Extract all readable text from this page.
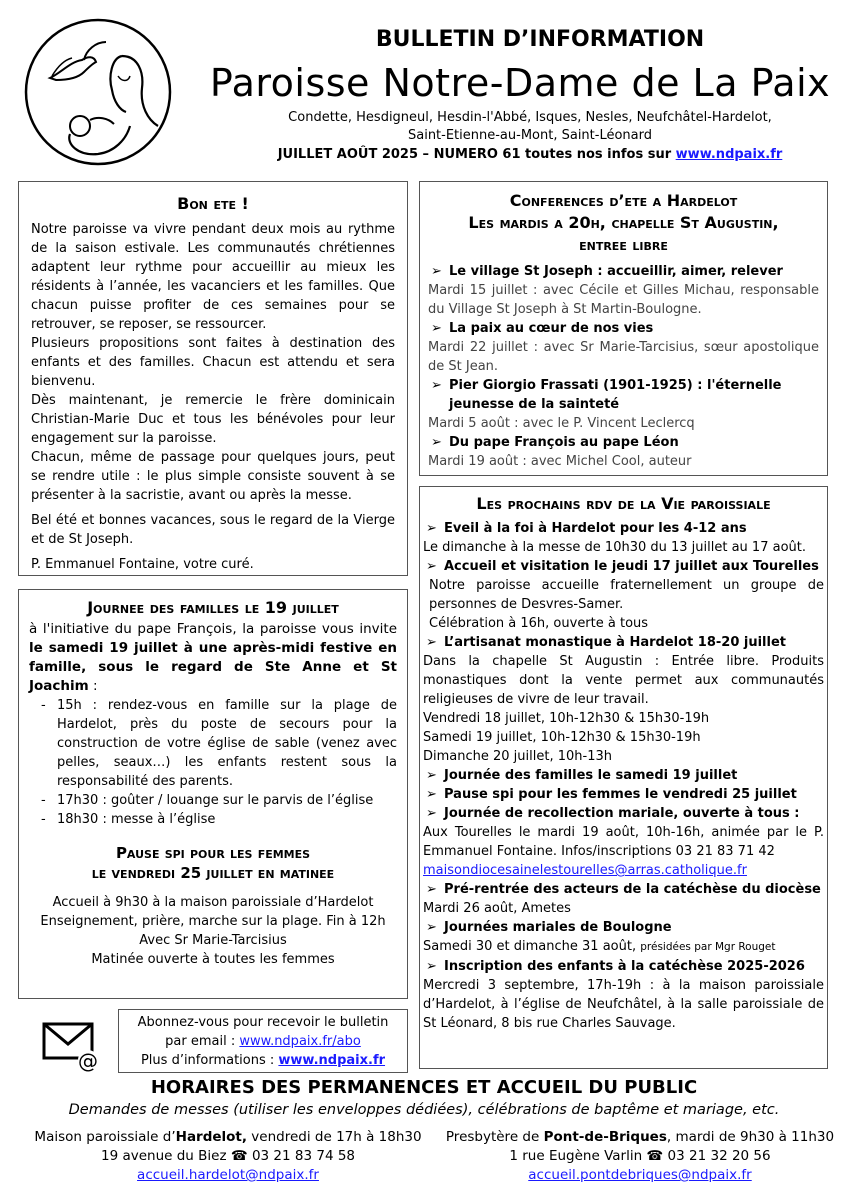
BULLETIN D’INFORMATION
Paroisse Notre-Dame de La Paix
Condette, Hesdigneul, Hesdin-l'Abbé, Isques, Nesles, Neufchâtel-Hardelot,
Saint-Etienne-au-Mont, Saint-Léonard
JUILLET AOÛT 2025 – NUMERO 61 toutes nos infos sur www.ndpaix.fr
Bon ete !

Notre paroisse va vivre pendant deux mois au rythme de la saison estivale. Les communautés chrétiennes adaptent leur rythme pour accueillir au mieux les résidents à l’année, les vacanciers et les familles. Que chacun puisse profiter de ces semaines pour se retrouver, se reposer, se ressourcer.

Plusieurs propositions sont faites à destination des enfants et des familles. Chacun est attendu et sera bienvenu.

Dès maintenant, je remercie le frère dominicain Christian-Marie Duc et tous les bénévoles pour leur engagement sur la paroisse.

Chacun, même de passage pour quelques jours, peut se rendre utile : le plus simple consiste souvent à se présenter à la sacristie, avant ou après la messe.

Bel été et bonnes vacances, sous le regard de la Vierge et de St Joseph.

P. Emmanuel Fontaine, votre curé.

Journee des familles le 19 juillet

à l'initiative du pape François, la paroisse vous invite le samedi 19 juillet à une après-midi festive en famille, sous le regard de Ste Anne et St Joachim :

- 15h : rendez-vous en famille sur la plage de Hardelot, près du poste de secours pour la construction de votre église de sable (venez avec pelles, seaux…) les enfants restent sous la responsabilité des parents.
- 17h30 : goûter / louange sur le parvis de l’église
- 18h30 : messe à l’église
Pause spi pour les femmes
le vendredi 25 juillet en matinee
Accueil à 9h30 à la maison paroissiale d’Hardelot
Enseignement, prière, marche sur la plage. Fin à 12h
Avec Sr Marie-Tarcisius
Matinée ouverte à toutes les femmes
@
Abonnez-vous pour recevoir le bulletin
par email : www.ndpaix.fr/abo
Plus d’informations : www.ndpaix.fr
Conferences d’ete a Hardelot
Les mardis a 20h, chapelle St Augustin,
entree libre
➢ Le village St Joseph : accueillir, aimer, relever

Mardi 15 juillet : avec Cécile et Gilles Michau, responsable du Village St Joseph à St Martin-Boulogne.

➢ La paix au cœur de nos vies

Mardi 22 juillet : avec Sr Marie-Tarcisius, sœur apostolique de St Jean.

➢ Pier Giorgio Frassati (1901-1925) : l'éternelle jeunesse de la sainteté

Mardi 5 août : avec le P. Vincent Leclercq

➢ Du pape François au pape Léon

Mardi 19 août : avec Michel Cool, auteur

Les prochains rdv de la Vie paroissiale
➢ Eveil à la foi à Hardelot pour les 4-12 ans

Le dimanche à la messe de 10h30 du 13 juillet au 17 août.

➢ Accueil et visitation le jeudi 17 juillet aux Tourelles

Notre paroisse accueille fraternellement un groupe de personnes de Desvres-Samer.

Célébration à 16h, ouverte à tous

➢ L’artisanat monastique à Hardelot 18-20 juillet

Dans la chapelle St Augustin : Entrée libre. Produits monastiques dont la vente permet aux communautés religieuses de vivre de leur travail.

Vendredi 18 juillet, 10h-12h30 & 15h30-19h

Samedi 19 juillet, 10h-12h30 & 15h30-19h

Dimanche 20 juillet, 10h-13h

➢ Journée des familles le samedi 19 juillet
➢ Pause spi pour les femmes le vendredi 25 juillet
➢ Journée de recollection mariale, ouverte à tous :

Aux Tourelles le mardi 19 août, 10h-16h, animée par le P. Emmanuel Fontaine. Infos/inscriptions 03 21 83 71 42

maisondiocesainelestourelles@arras.catholique.fr

➢ Pré-rentrée des acteurs de la catéchèse du diocèse

Mardi 26 août, Ametes

➢ Journées mariales de Boulogne

Samedi 30 et dimanche 31 août, présidées par Mgr Rouget

➢ Inscription des enfants à la catéchèse 2025-2026

Mercredi 3 septembre, 17h-19h : à la maison paroissiale d’Hardelot, à l’église de Neufchâtel, à la salle paroissiale de St Léonard, 8 bis rue Charles Sauvage.

HORAIRES DES PERMANENCES ET ACCUEIL DU PUBLIC
Demandes de messes (utiliser les enveloppes dédiées), célébrations de baptême et mariage, etc.
Maison paroissiale d’Hardelot, vendredi de 17h à 18h30
19 avenue du Biez ☎ 03 21 83 74 58
accueil.hardelot@ndpaix.fr
Presbytère de Pont-de-Briques, mardi de 9h30 à 11h30
1 rue Eugène Varlin ☎ 03 21 32 20 56
accueil.pontdebriques@ndpaix.fr
